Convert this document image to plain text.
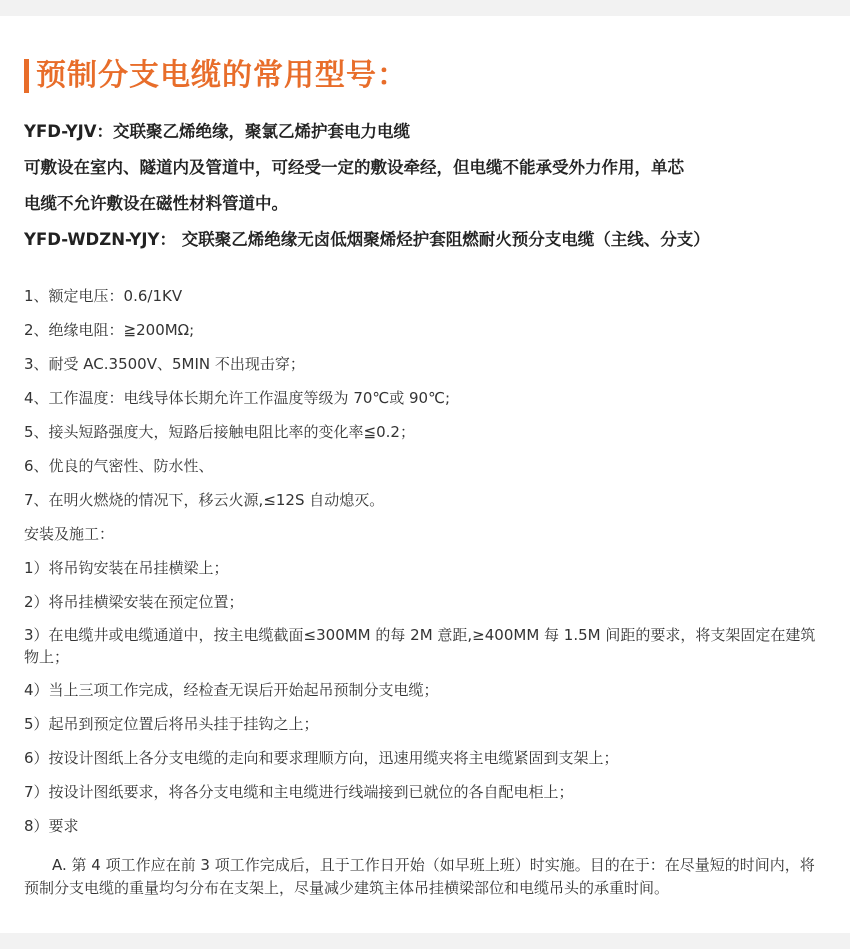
预制分支电缆的常用型号：
YFD-YJV：交联聚乙烯绝缘，聚氯乙烯护套电力电缆
可敷设在室内、隧道内及管道中，可经受一定的敷设牵经，但电缆不能承受外力作用，单芯
电缆不允许敷设在磁性材料管道中。
YFD-WDZN-YJY： 交联聚乙烯绝缘无卤低烟聚烯烃护套阻燃耐火预分支电缆（主线、分支）
1、额定电压：0.6/1KV
2、绝缘电阻：≧200MΩ;
3、耐受 AC.3500V、5MIN 不出现击穿；
4、工作温度：电线导体长期允许工作温度等级为 70℃或 90℃;
5、接头短路强度大，短路后接触电阻比率的变化率≦0.2；
6、优良的气密性、防水性、
7、在明火燃烧的情况下，移云火源,≤12S 自动熄灭。
安装及施工：
1）将吊钩安装在吊挂横梁上；
2）将吊挂横梁安装在预定位置；
3）在电缆井或电缆通道中，按主电缆截面≤300MM 的每 2M 意距,≥400MM 每 1.5M 间距的要求，将支架固定在建筑物上；
4）当上三项工作完成，经检查无误后开始起吊预制分支电缆；
5）起吊到预定位置后将吊头挂于挂钩之上；
6）按设计图纸上各分支电缆的走向和要求理顺方向，迅速用缆夹将主电缆紧固到支架上；
7）按设计图纸要求，将各分支电缆和主电缆进行线端接到已就位的各自配电柜上；
8）要求
A. 第 4 项工作应在前 3 项工作完成后，且于工作日开始（如早班上班）时实施。目的在于：在尽量短的时间内，将预制分支电缆的重量均匀分布在支架上，尽量减少建筑主体吊挂横梁部位和电缆吊头的承重时间。
